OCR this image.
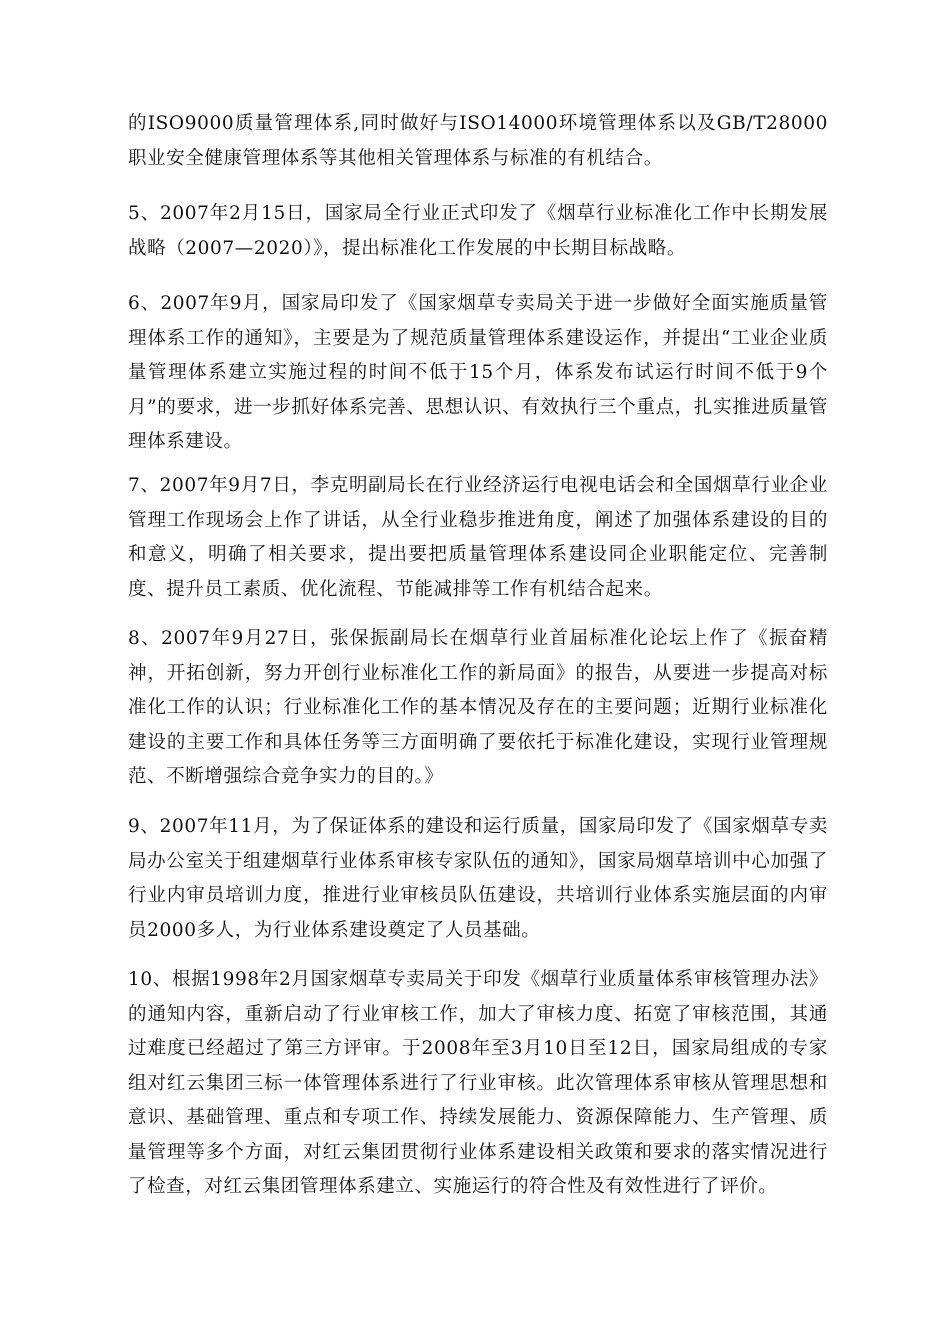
的ISO9000质量管理体系,同时做好与ISO14000环境管理体系以及GB/T28000职业安全健康管理体系等其他相关管理体系与标准的有机结合。

5、2007年2月15日，国家局全行业正式印发了《烟草行业标准化工作中长期发展战略（2007—2020）》，提出标准化工作发展的中长期目标战略。

6、2007年9月，国家局印发了《国家烟草专卖局关于进一步做好全面实施质量管理体系工作的通知》，主要是为了规范质量管理体系建设运作，并提出“工业企业质量管理体系建立实施过程的时间不低于15个月，体系发布试运行时间不低于9个月”的要求，进一步抓好体系完善、思想认识、有效执行三个重点，扎实推进质量管理体系建设。

7、2007年9月7日，李克明副局长在行业经济运行电视电话会和全国烟草行业企业管理工作现场会上作了讲话，从全行业稳步推进角度，阐述了加强体系建设的目的和意义，明确了相关要求，提出要把质量管理体系建设同企业职能定位、完善制度、提升员工素质、优化流程、节能减排等工作有机结合起来。

8、2007年9月27日，张保振副局长在烟草行业首届标准化论坛上作了《振奋精神，开拓创新，努力开创行业标准化工作的新局面》的报告，从要进一步提高对标准化工作的认识；行业标准化工作的基本情况及存在的主要问题；近期行业标准化建设的主要工作和具体任务等三方面明确了要依托于标准化建设，实现行业管理规范、不断增强综合竞争实力的目的。》

9、2007年11月，为了保证体系的建设和运行质量，国家局印发了《国家烟草专卖局办公室关于组建烟草行业体系审核专家队伍的通知》，国家局烟草培训中心加强了行业内审员培训力度，推进行业审核员队伍建设，共培训行业体系实施层面的内审员2000多人，为行业体系建设奠定了人员基础。

10、根据1998年2月国家烟草专卖局关于印发《烟草行业质量体系审核管理办法》的通知内容，重新启动了行业审核工作，加大了审核力度、拓宽了审核范围，其通过难度已经超过了第三方评审。于2008年至3月10日至12日，国家局组成的专家组对红云集团三标一体管理体系进行了行业审核。此次管理体系审核从管理思想和意识、基础管理、重点和专项工作、持续发展能力、资源保障能力、生产管理、质量管理等多个方面，对红云集团贯彻行业体系建设相关政策和要求的落实情况进行了检查，对红云集团管理体系建立、实施运行的符合性及有效性进行了评价。
